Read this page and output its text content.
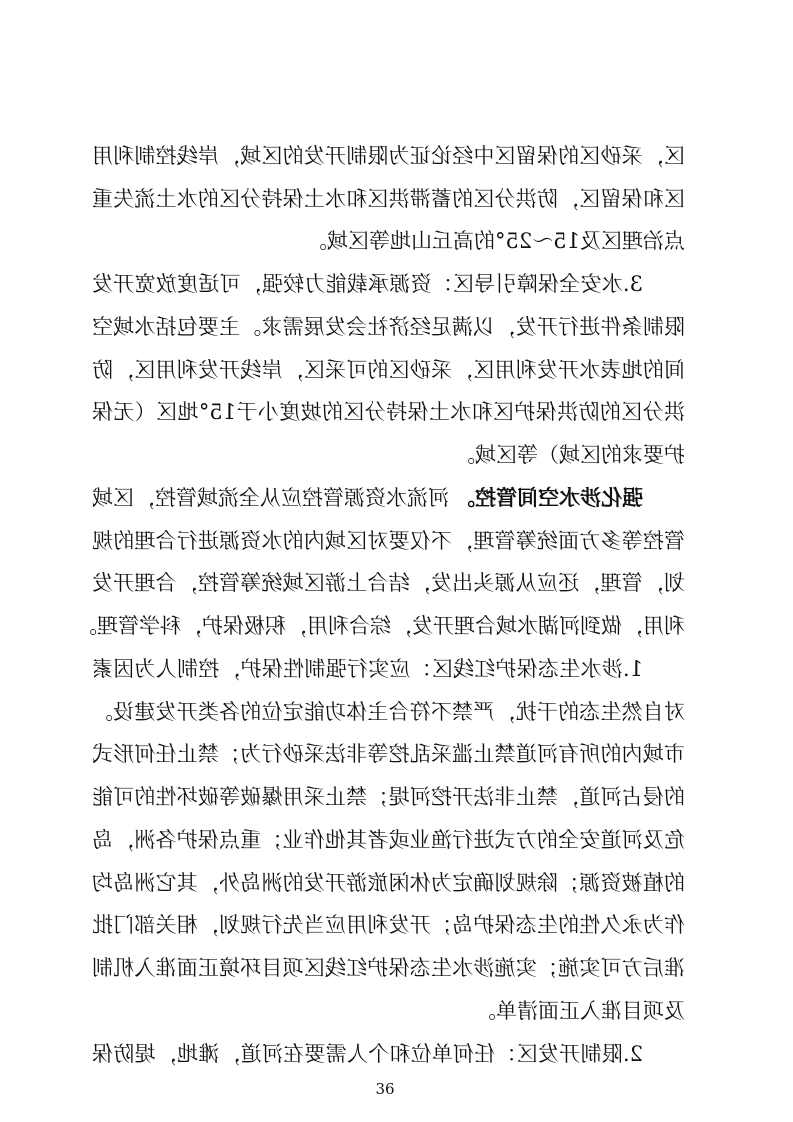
区，采砂区的保留区中经论证为限制开发的区域，岸线控制利用
区和保留区，防洪分区的蓄滞洪区和水土保持分区的水土流失重
点治理区及15～25°的高丘山地等区域。
3.水安全保障引导区：资源承载能力较强，可适度放宽开发
限制条件进行开发，以满足经济社会发展需求。主要包括水域空
间的地表水开发利用区，采砂区的可采区，岸线开发利用区，防
洪分区的防洪保护区和水土保持分区的坡度小于15°地区（无保
护要求的区域）等区域。
强化涉水空间管控。
河流水资源管控应从全流域管控，区域
管控等多方面统筹管理，不仅要对区域内的水资源进行合理的规
划，管理，还应从源头出发，结合上游区域统筹管控，合理开发
利用，做到河湖水域合理开发，综合利用，积极保护，科学管理。
1.涉水生态保护红线区：应实行强制性保护，控制人为因素
对自然生态的干扰，严禁不符合主体功能定位的各类开发建设。
市域内的所有河道禁止滥采乱挖等非法采砂行为；禁止任何形式
的侵占河道，禁止非法开挖河堤；禁止采用爆破等破坏性的可能
危及河道安全的方式进行渔业或者其他作业；重点保护各洲，岛
的植被资源；除规划确定为休闲旅游开发的洲岛外，其它洲岛均
作为永久性的生态保护岛；开发利用应当先行规划，相关部门批
准后方可实施；实施涉水生态保护红线区项目环境正面准入机制
及项目准入正面清单。
2.限制开发区：任何单位和个人需要在河道，滩地，堤防保
36
